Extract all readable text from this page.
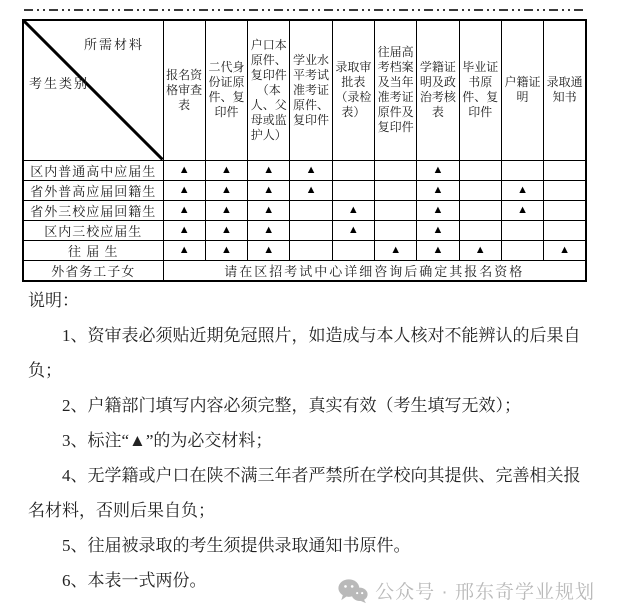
所需材料
考生类别	报名资格审查表	二代身份证原件、复印件	户口本原件、复印件（本人、父母或监护人）	学业水平考试准考证原件、复印件	录取审批表（录检表）	往届高考档案及当年准考证原件及复印件	学籍证明及政治考核表	毕业证书原件、复印件	户籍证明	录取通知书
区内普通高中应届生	▲	▲	▲	▲			▲			
省外普高应届回籍生	▲	▲	▲	▲			▲		▲	
省外三校应届回籍生	▲	▲	▲		▲		▲		▲	
区内三校应届生	▲	▲	▲		▲		▲			
往 届 生	▲	▲	▲			▲	▲	▲		▲
外省务工子女	请在区招考试中心详细咨询后确定其报名资格									

说明：

1、资审表必须贴近期免冠照片，如造成与本人核对不能辨认的后果自负；

2、户籍部门填写内容必须完整，真实有效（考生填写无效）；

3、标注“▲”的为必交材料；

4、无学籍或户口在陕不满三年者严禁所在学校向其提供、完善相关报名材料，否则后果自负；

5、往届被录取的考生须提供录取通知书原件。

6、本表一式两份。

公众号 · 邢东奇学业规划
